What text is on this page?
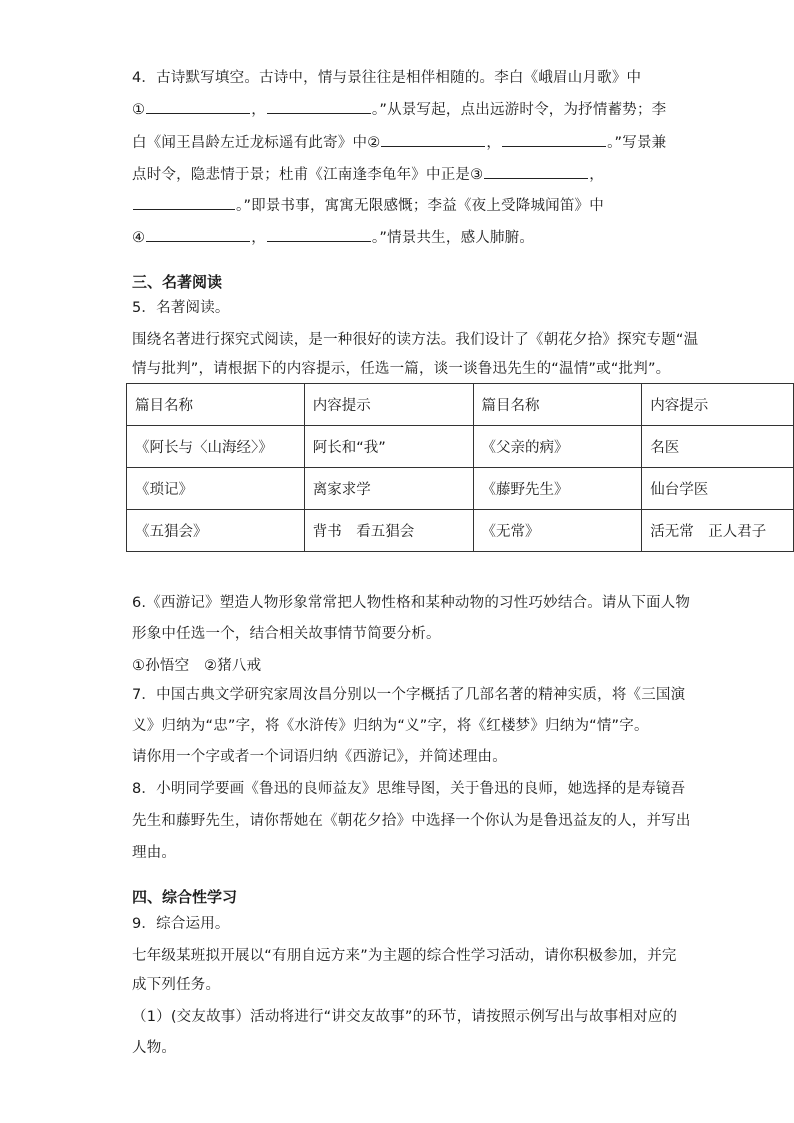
4．古诗默写填空。古诗中，情与景往往是相伴相随的。李白《峨眉山月歌》中
①	，	。”从景写起，点出远游时令，为抒情蓄势；李
白《闻王昌龄左迁龙标遥有此寄》中②	，	。”写景兼
点时令，隐悲情于景；杜甫《江南逢李龟年》中正是③	，
。”即景书事，寓寓无限感慨；李益《夜上受降城闻笛》中
④	，	。”情景共生，感人肺腑。
三、名著阅读
5．名著阅读。
围绕名著进行探究式阅读，是一种很好的读方法。我们设计了《朝花夕拾》探究专题“温
情与批判”，请根据下的内容提示，任选一篇，谈一谈鲁迅先生的“温情”或“批判”。
篇目名称	内容提示	篇目名称	内容提示
《阿长与〈山海经〉》	阿长和“我”	《父亲的病》	名医
《琐记》	离家求学	《藤野先生》	仙台学医
《五猖会》	背书　看五猖会	《无常》	活无常　正人君子
6.《西游记》塑造人物形象常常把人物性格和某种动物的习性巧妙结合。请从下面人物
形象中任选一个，结合相关故事情节简要分析。
①孙悟空　②猪八戒
7．中国古典文学研究家周汝昌分别以一个字概括了几部名著的精神实质，将《三国演
义》归纳为“忠”字，将《水浒传》归纳为“义”字，将《红楼梦》归纳为“情”字。
请你用一个字或者一个词语归纳《西游记》，并简述理由。
8．小明同学要画《鲁迅的良师益友》思维导图，关于鲁迅的良师，她选择的是寿镜吾
先生和藤野先生，请你帮她在《朝花夕拾》中选择一个你认为是鲁迅益友的人，并写出
理由。
四、综合性学习
9．综合运用。
七年级某班拟开展以“有朋自远方来”为主题的综合性学习活动，请你积极参加，并完
成下列任务。
（1）(交友故事）活动将进行“讲交友故事”的环节，请按照示例写出与故事相对应的
人物。
